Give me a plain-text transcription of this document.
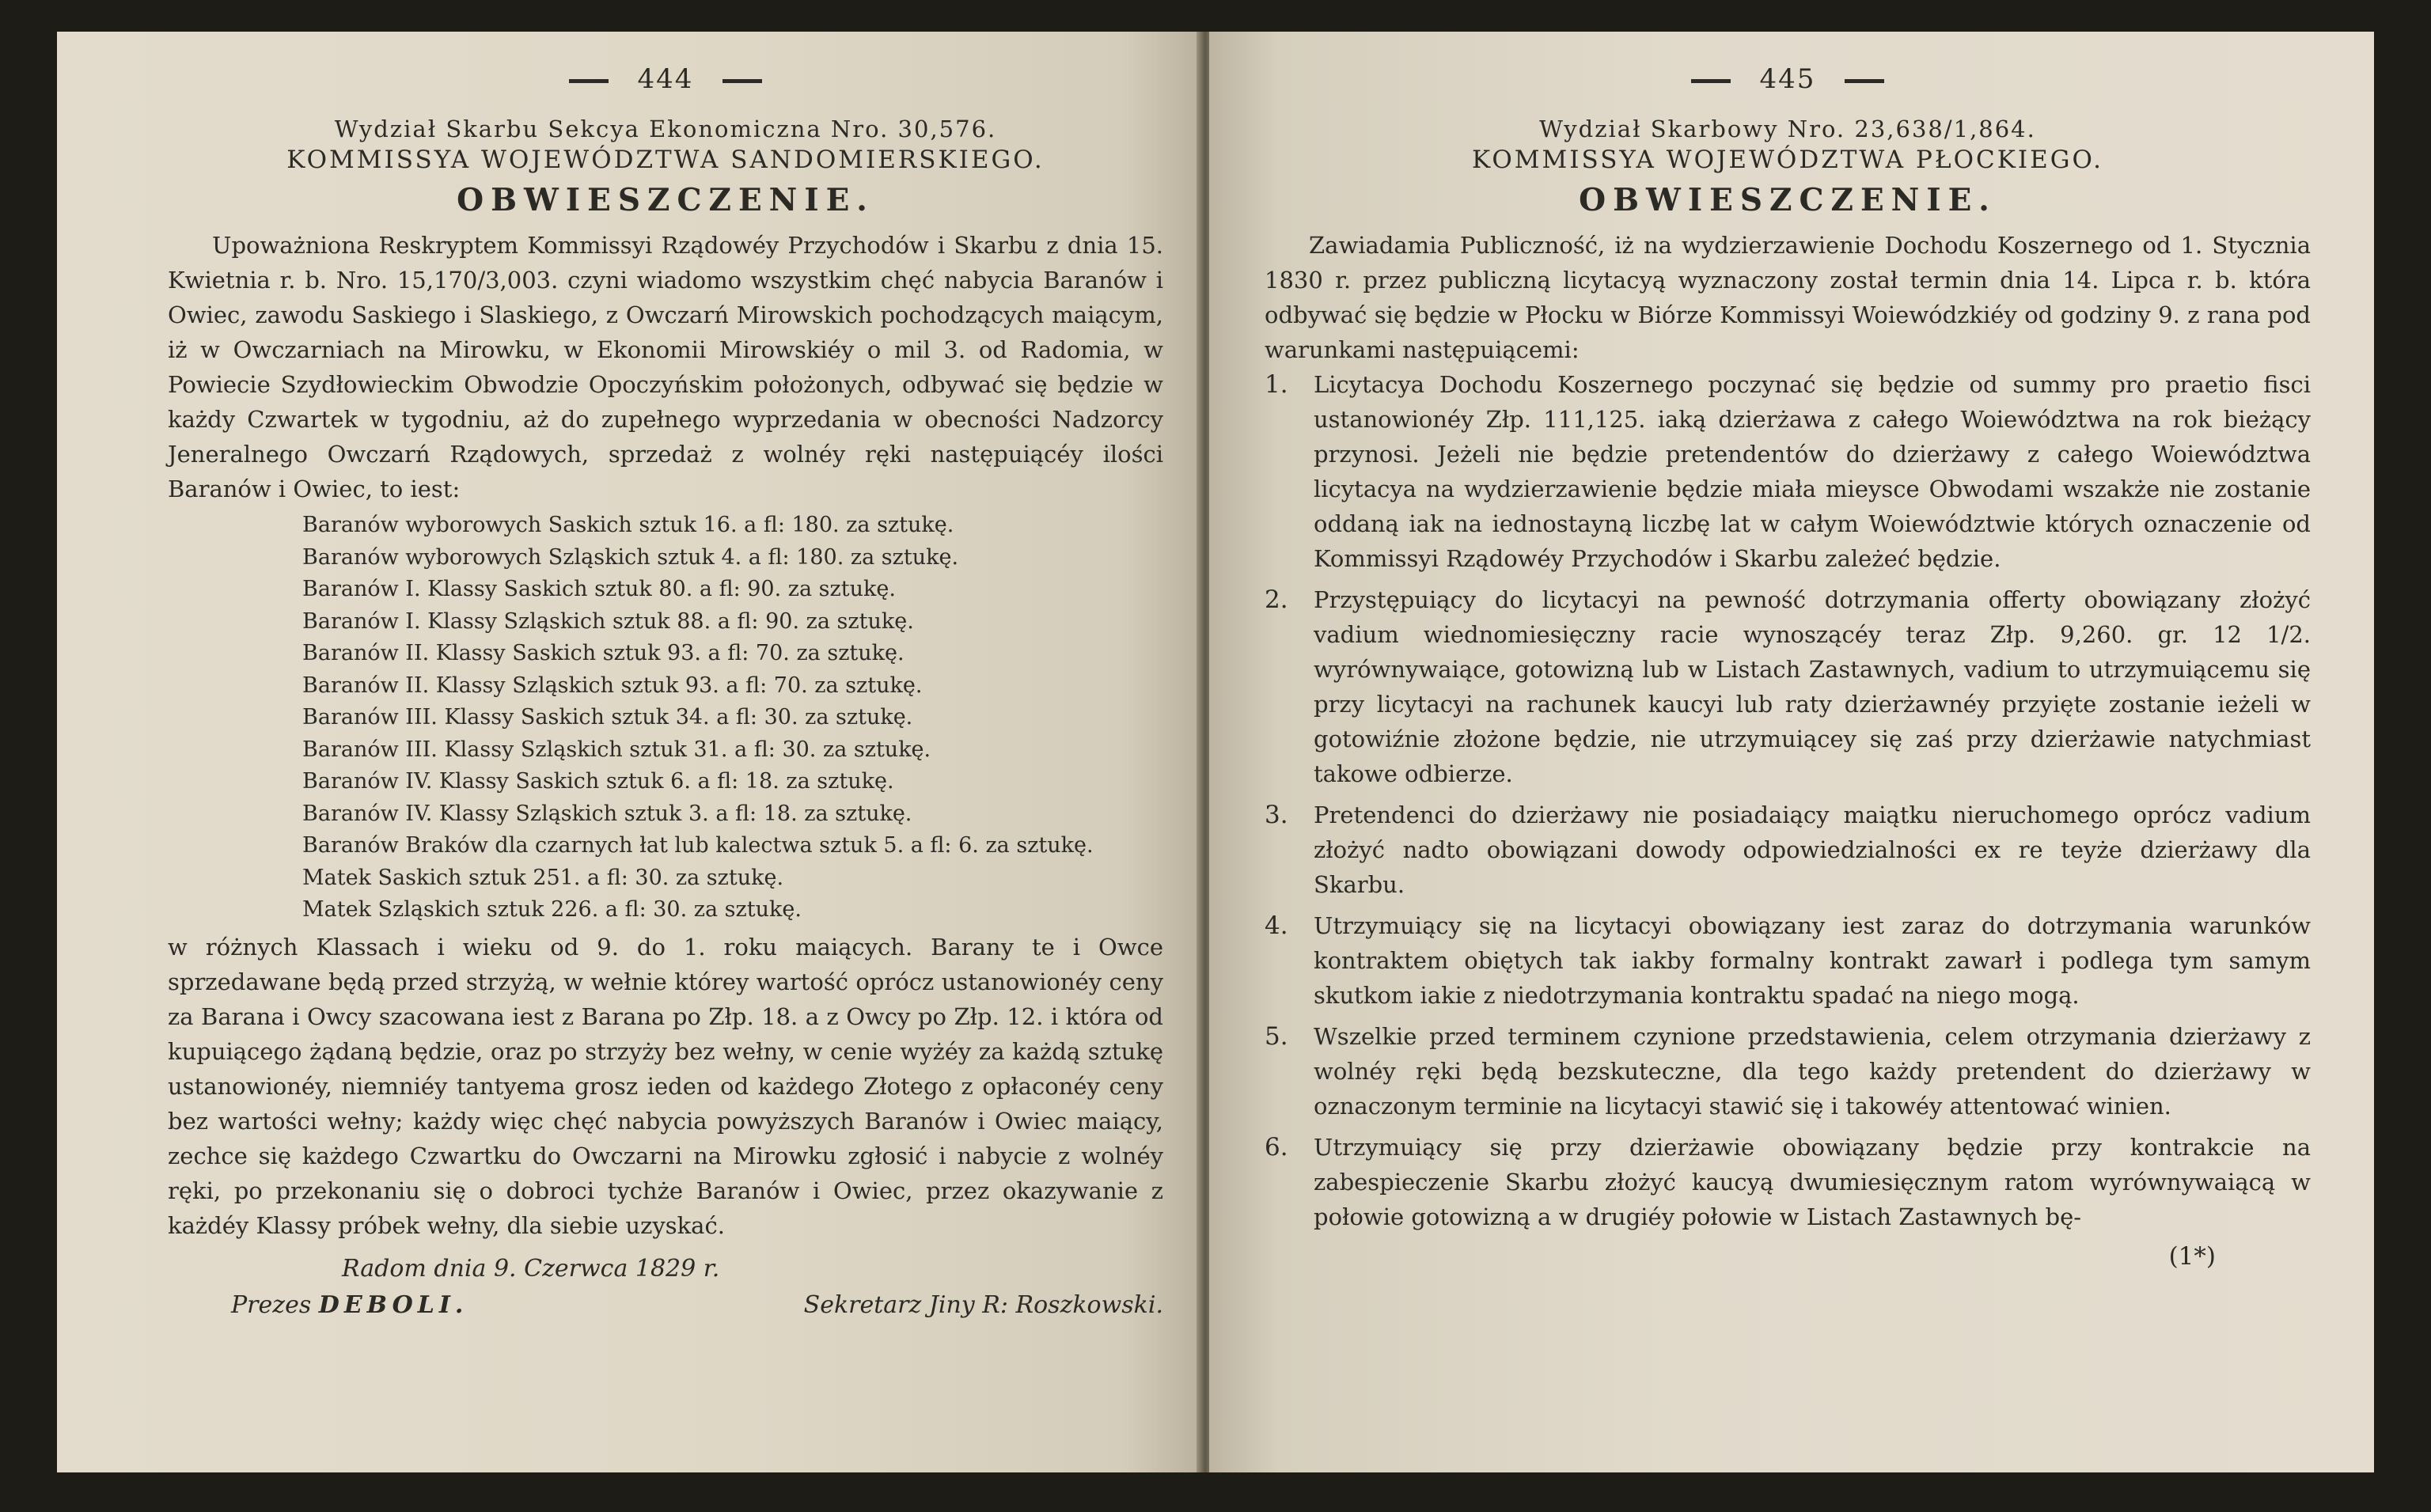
444
Wydział Skarbu Sekcya Ekonomiczna Nro. 30,576.
KOMMISSYA WOJEWÓDZTWA SANDOMIERSKIEGO.
OBWIESZCZENIE.

Upoważniona Reskryptem Kommissyi Rządowéy Przychodów i Skarbu z dnia 15. Kwietnia r. b. Nro. 15,170/3,003. czyni wiadomo wszystkim chęć nabycia Baranów i Owiec, zawodu Saskiego i Slaskiego, z Owczarń Mirowskich pochodzących maiącym, iż w Owczarniach na Mirowku, w Ekonomii Mirowskiéy o mil 3. od Radomia, w Powiecie Szydłowieckim Obwodzie Opoczyńskim położonych, odbywać się będzie w każdy Czwartek w tygodniu, aż do zupełnego wyprzedania w obecności Nadzorcy Jeneralnego Owczarń Rządowych, sprzedaż z wolnéy ręki następuiącéy ilości Baranów i Owiec, to iest:

Baranów wyborowych Saskich sztuk 16. a fl: 180. za sztukę.
Baranów wyborowych Szląskich sztuk 4. a fl: 180. za sztukę.
Baranów I. Klassy Saskich sztuk 80. a fl: 90. za sztukę.
Baranów I. Klassy Szląskich sztuk 88. a fl: 90. za sztukę.
Baranów II. Klassy Saskich sztuk 93. a fl: 70. za sztukę.
Baranów II. Klassy Szląskich sztuk 93. a fl: 70. za sztukę.
Baranów III. Klassy Saskich sztuk 34. a fl: 30. za sztukę.
Baranów III. Klassy Szląskich sztuk 31. a fl: 30. za sztukę.
Baranów IV. Klassy Saskich sztuk 6. a fl: 18. za sztukę.
Baranów IV. Klassy Szląskich sztuk 3. a fl: 18. za sztukę.
Baranów Braków dla czarnych łat lub kalectwa sztuk 5. a fl: 6. za sztukę.
Matek Saskich sztuk 251. a fl: 30. za sztukę.
Matek Szląskich sztuk 226. a fl: 30. za sztukę.

w różnych Klassach i wieku od 9. do 1. roku maiących. Barany te i Owce sprzedawane będą przed strzyżą, w wełnie którey wartość oprócz ustanowionéy ceny za Barana i Owcy szacowana iest z Barana po Złp. 18. a z Owcy po Złp. 12. i która od kupuiącego żądaną będzie, oraz po strzyży bez wełny, w cenie wyżéy za każdą sztukę ustanowionéy, niemniéy tantyema grosz ieden od każdego Złotego z opłaconéy ceny bez wartości wełny; każdy więc chęć nabycia powyższych Baranów i Owiec maiący, zechce się każdego Czwartku do Owczarni na Mirowku zgłosić i nabycie z wolnéy ręki, po przekonaniu się o dobroci tychże Baranów i Owiec, przez okazywanie z każdéy Klassy próbek wełny, dla siebie uzyskać.

Radom dnia 9. Czerwca 1829 r.
Prezes DEBOLI.	Sekretarz Jiny R: Roszkowski.
445
Wydział Skarbowy Nro. 23,638/1,864.
KOMMISSYA WOJEWÓDZTWA PŁOCKIEGO.
OBWIESZCZENIE.

Zawiadamia Publiczność, iż na wydzierzawienie Dochodu Koszernego od 1. Stycznia 1830 r. przez publiczną licytacyą wyznaczony został termin dnia 14. Lipca r. b. która odbywać się będzie w Płocku w Biórze Kommissyi Woiewódzkiéy od godziny 9. z rana pod warunkami następuiącemi:

1.	Licytacya Dochodu Koszernego poczynać się będzie od summy pro praetio fisci ustanowionéy Złp. 111,125. iaką dzierżawa z całego Woiewództwa na rok bieżący przynosi. Jeżeli nie będzie pretendentów do dzierżawy z całego Woiewództwa licytacya na wydzierzawienie będzie miała mieysce Obwodami wszakże nie zostanie oddaną iak na iednostayną liczbę lat w całym Woiewództwie których oznaczenie od Kommissyi Rządowéy Przychodów i Skarbu zależeć będzie.
2.	Przystępuiący do licytacyi na pewność dotrzymania offerty obowiązany złożyć vadium wiednomiesięczny racie wynoszącéy teraz Złp. 9,260. gr. 12 1/2. wyrównywaiące, gotowizną lub w Listach Zastawnych, vadium to utrzymuiącemu się przy licytacyi na rachunek kaucyi lub raty dzierżawnéy przyięte zostanie ieżeli w gotowiźnie złożone będzie, nie utrzymuiącey się zaś przy dzierżawie natychmiast takowe odbierze.
3.	Pretendenci do dzierżawy nie posiadaiący maiątku nieruchomego oprócz vadium złożyć nadto obowiązani dowody odpowiedzialności ex re teyże dzierżawy dla Skarbu.
4.	Utrzymuiący się na licytacyi obowiązany iest zaraz do dotrzymania warunków kontraktem obiętych tak iakby formalny kontrakt zawarł i podlega tym samym skutkom iakie z niedotrzymania kontraktu spadać na niego mogą.
5.	Wszelkie przed terminem czynione przedstawienia, celem otrzymania dzierżawy z wolnéy ręki będą bezskuteczne, dla tego każdy pretendent do dzierżawy w oznaczonym terminie na licytacyi stawić się i takowéy attentować winien.
6.	Utrzymuiący się przy dzierżawie obowiązany będzie przy kontrakcie na zabespieczenie Skarbu złożyć kaucyą dwumiesięcznym ratom wyrównywaiącą w połowie gotowizną a w drugiéy połowie w Listach Zastawnych bę-
(1*)
